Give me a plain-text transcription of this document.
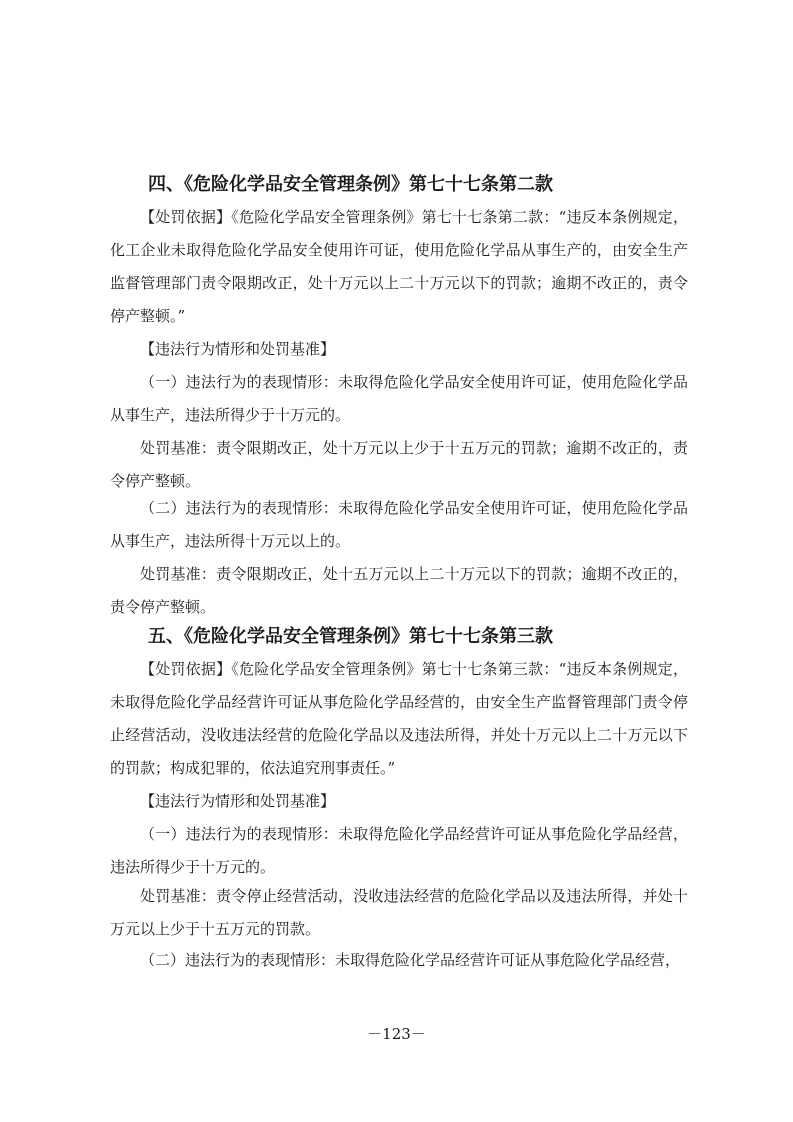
四、《危险化学品安全管理条例》第七十七条第二款

【处罚依据】《危险化学品安全管理条例》第七十七条第二款：“违反本条例规定，化工企业未取得危险化学品安全使用许可证，使用危险化学品从事生产的，由安全生产监督管理部门责令限期改正，处十万元以上二十万元以下的罚款；逾期不改正的，责令停产整顿。”

【违法行为情形和处罚基准】

（一）违法行为的表现情形：未取得危险化学品安全使用许可证，使用危险化学品从事生产，违法所得少于十万元的。

处罚基准：责令限期改正，处十万元以上少于十五万元的罚款；逾期不改正的，责令停产整顿。

（二）违法行为的表现情形：未取得危险化学品安全使用许可证，使用危险化学品从事生产，违法所得十万元以上的。

处罚基准：责令限期改正，处十五万元以上二十万元以下的罚款；逾期不改正的，责令停产整顿。

五、《危险化学品安全管理条例》第七十七条第三款

【处罚依据】《危险化学品安全管理条例》第七十七条第三款：“违反本条例规定，未取得危险化学品经营许可证从事危险化学品经营的，由安全生产监督管理部门责令停止经营活动，没收违法经营的危险化学品以及违法所得，并处十万元以上二十万元以下的罚款；构成犯罪的，依法追究刑事责任。”

【违法行为情形和处罚基准】

（一）违法行为的表现情形：未取得危险化学品经营许可证从事危险化学品经营，违法所得少于十万元的。

处罚基准：责令停止经营活动，没收违法经营的危险化学品以及违法所得，并处十万元以上少于十五万元的罚款。

（二）违法行为的表现情形：未取得危险化学品经营许可证从事危险化学品经营，

－123－
